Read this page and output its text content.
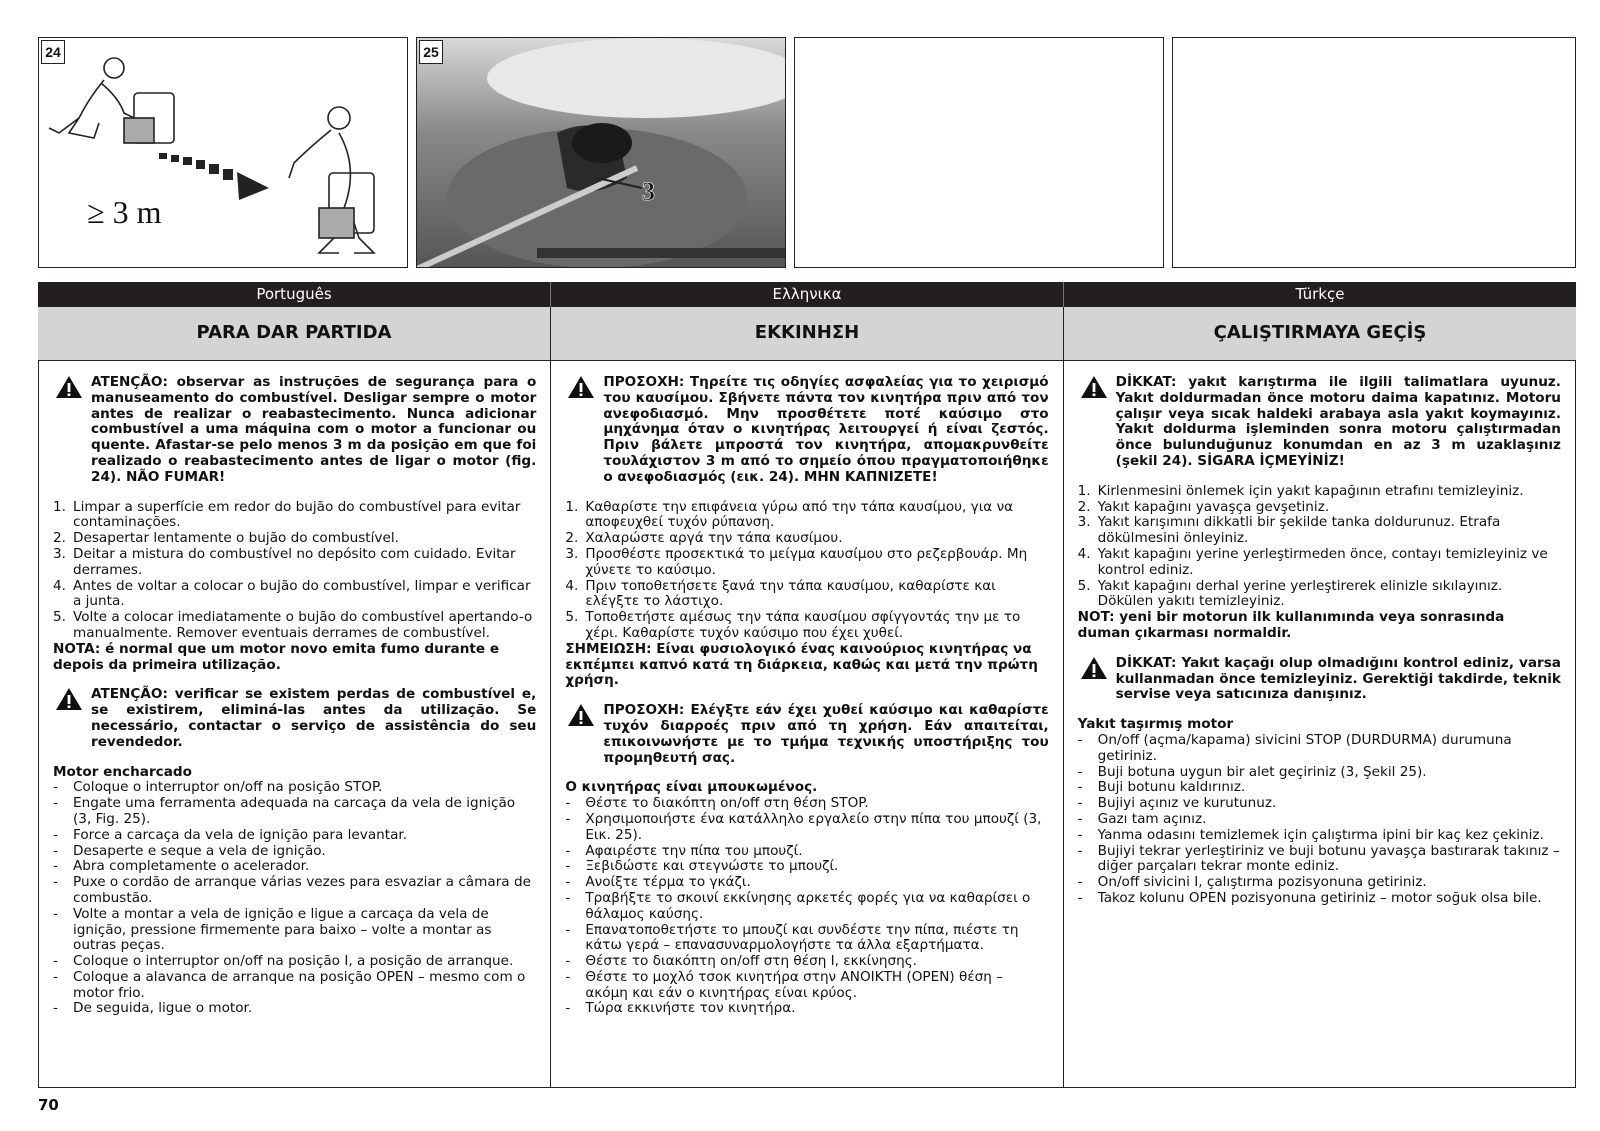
24
≥ 3 m
25
3
Português	Ελληνικα	Türkçe
PARA DAR PARTIDA	ΕΚΚΙΝΗΣΗ	ÇALIŞTIRMAYA GEÇİŞ
ATENÇÃO: observar as instruções de segurança para o manuseamento do combustível. Desligar sempre o motor antes de realizar o reabastecimento. Nunca adicionar combustível a uma máquina com o motor a funcionar ou quente. Afastar-se pelo menos 3 m da posição em que foi realizado o reabastecimento antes de ligar o motor (fig. 24). NÃO FUMAR!
1. Limpar a superfície em redor do bujão do combustível para evitar contaminações.
2. Desapertar lentamente o bujão do combustível.
3. Deitar a mistura do combustível no depósito com cuidado. Evitar derrames.
4. Antes de voltar a colocar o bujão do combustível, limpar e verificar a junta.
5. Volte a colocar imediatamente o bujão do combustível apertando-o manualmente. Remover eventuais derrames de combustível.
NOTA: é normal que um motor novo emita fumo durante e depois da primeira utilização.
ATENÇÃO: verificar se existem perdas de combustível e, se existirem, eliminá-las antes da utilização. Se necessário, contactar o serviço de assistência do seu revendedor.
Motor encharcado
- Coloque o interruptor on/off na posição STOP.
- Engate uma ferramenta adequada na carcaça da vela de ignição (3, Fig. 25).
- Force a carcaça da vela de ignição para levantar.
- Desaperte e seque a vela de ignição.
- Abra completamente o acelerador.
- Puxe o cordão de arranque várias vezes para esvaziar a câmara de combustão.
- Volte a montar a vela de ignição e ligue a carcaça da vela de ignição, pressione firmemente para baixo – volte a montar as outras peças.
- Coloque o interruptor on/off na posição I, a posição de arranque.
- Coloque a alavanca de arranque na posição OPEN – mesmo com o motor frio.
- De seguida, ligue o motor.
ΠΡΟΣΟΧΗ: Τηρείτε τις οδηγίες ασφαλείας για το χειρισμό του καυσίμου. Σβήνετε πάντα τον κινητήρα πριν από τον ανεφοδιασμό. Μην προσθέτετε ποτέ καύσιμο στο μηχάνημα όταν ο κινητήρας λειτουργεί ή είναι ζεστός. Πριν βάλετε μπροστά τον κινητήρα, απομακρυνθείτε τουλάχιστον 3 m από το σημείο όπου πραγματοποιήθηκε ο ανεφοδιασμός (εικ. 24). ΜΗΝ ΚΑΠΝΙΖΕΤΕ!
1. Καθαρίστε την επιφάνεια γύρω από την τάπα καυσίμου, για να αποφευχθεί τυχόν ρύπανση.
2. Χαλαρώστε αργά την τάπα καυσίμου.
3. Προσθέστε προσεκτικά το μείγμα καυσίμου στο ρεζερβουάρ. Μη χύνετε το καύσιμο.
4. Πριν τοποθετήσετε ξανά την τάπα καυσίμου, καθαρίστε και ελέγξτε το λάστιχο.
5. Τοποθετήστε αμέσως την τάπα καυσίμου σφίγγοντάς την με το χέρι. Καθαρίστε τυχόν καύσιμο που έχει χυθεί.
ΣΗΜΕΙΩΣΗ: Είναι φυσιολογικό ένας καινούριος κινητήρας να εκπέμπει καπνό κατά τη διάρκεια, καθώς και μετά την πρώτη χρήση.
ΠΡΟΣΟΧΗ: Ελέγξτε εάν έχει χυθεί καύσιμο και καθαρίστε τυχόν διαρροές πριν από τη χρήση. Εάν απαιτείται, επικοινωνήστε με το τμήμα τεχνικής υποστήριξης του προμηθευτή σας.
Ο κινητήρας είναι μπουκωμένος.
- Θέστε το διακόπτη on/off στη θέση STOP.
- Χρησιμοποιήστε ένα κατάλληλο εργαλείο στην πίπα του μπουζί (3, Εικ. 25).
- Αφαιρέστε την πίπα του μπουζί.
- Ξεβιδώστε και στεγνώστε το μπουζί.
- Ανοίξτε τέρμα το γκάζι.
- Τραβήξτε το σκοινί εκκίνησης αρκετές φορές για να καθαρίσει ο θάλαμος καύσης.
- Επανατοποθετήστε το μπουζί και συνδέστε την πίπα, πιέστε τη κάτω γερά – επανασυναρμολογήστε τα άλλα εξαρτήματα.
- Θέστε το διακόπτη on/off στη θέση I, εκκίνησης.
- Θέστε το μοχλό τσοκ κινητήρα στην ΑΝΟΙΚΤΗ (OPEN) θέση – ακόμη και εάν ο κινητήρας είναι κρύος.
- Τώρα εκκινήστε τον κινητήρα.
DİKKAT: yakıt karıştırma ile ilgili talimatlara uyunuz. Yakıt doldurmadan önce motoru daima kapatınız. Motoru çalışır veya sıcak haldeki arabaya asla yakıt koymayınız. Yakıt doldurma işleminden sonra motoru çalıştırmadan önce bulunduğunuz konumdan en az 3 m uzaklaşınız (şekil 24). SİGARA İÇMEYİNİZ!
1. Kirlenmesini önlemek için yakıt kapağının etrafını temizleyiniz.
2. Yakıt kapağını yavaşça gevşetiniz.
3. Yakıt karışımını dikkatli bir şekilde tanka doldurunuz. Etrafa dökülmesini önleyiniz.
4. Yakıt kapağını yerine yerleştirmeden önce, contayı temizleyiniz ve kontrol ediniz.
5. Yakıt kapağını derhal yerine yerleştirerek elinizle sıkılayınız. Dökülen yakıtı temizleyiniz.
NOT: yeni bir motorun ilk kullanımında veya sonrasında duman çıkarması normaldir.
DİKKAT: Yakıt kaçağı olup olmadığını kontrol ediniz, varsa kullanmadan önce temizleyiniz. Gerektiği takdirde, teknik servise veya satıcınıza danışınız.
Yakıt taşırmış motor
- On/off (açma/kapama) sivicini STOP (DURDURMA) durumuna getiriniz.
- Buji botuna uygun bir alet geçiriniz (3, Şekil 25).
- Buji botunu kaldırınız.
- Bujiyi açınız ve kurutunuz.
- Gazı tam açınız.
- Yanma odasını temizlemek için çalıştırma ipini bir kaç kez çekiniz.
- Bujiyi tekrar yerleştiriniz ve buji botunu yavaşça bastırarak takınız – diğer parçaları tekrar monte ediniz.
- On/off sivicini I, çalıştırma pozisyonuna getiriniz.
- Takoz kolunu OPEN pozisyonuna getiriniz – motor soğuk olsa bile.
70
